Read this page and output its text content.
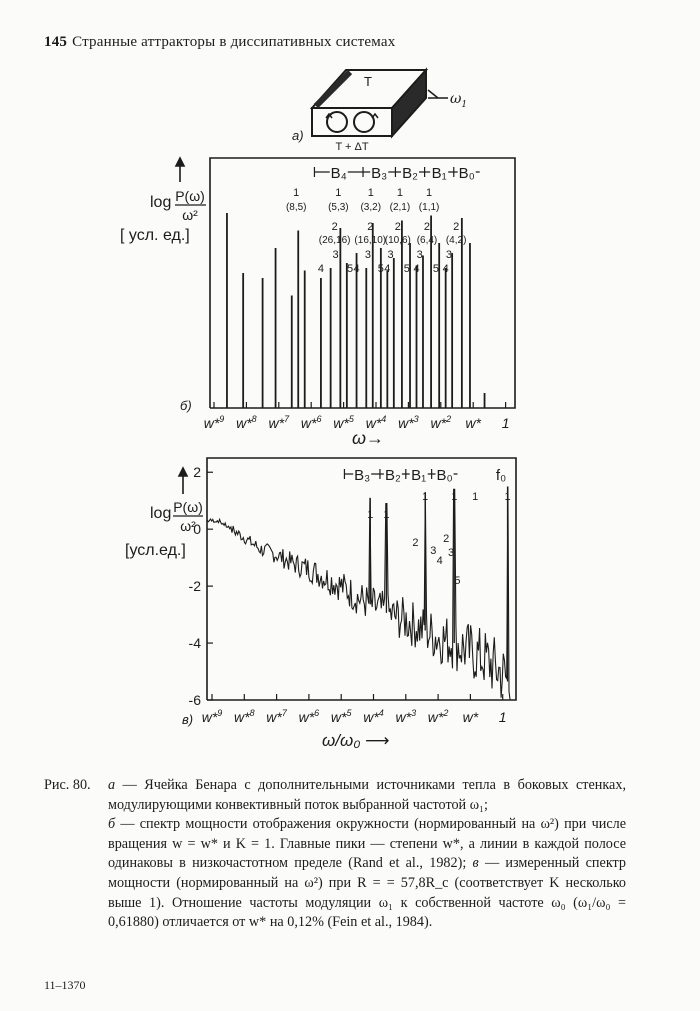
145 Странные аттракторы в диссипативных системах
T
T + ΔT
$\omega_1$
а)
w*$^9$ w*$^8$ w*$^7$ w*$^6$ w*$^5$ w*$^4$ w*$^3$ w*$^2$ w* 1
B₄ B₃ B₂ B₁ B₀
1
(8,5)
1
(5,3)
1
(3,2)
1
(2,1)
1
(1,1)
2
(26,16)
2
(16,10)
2
(10,6)
2
(6,4)
2
(4,2)
3
4 5
3
4 5
3
4 5
3
4 5
3
4
log P(ω)
ω²
[ усл. ед.]
б)
ω→
2
0
-2
-4
-6
w*$^9$ w*$^8$ w*$^7$ w*$^6$ w*$^5$ w*$^4$ w*$^3$ w*$^2$ w* 1
B₃ B₂ B₁ B₀	f₀
1 1
1 1 1 1
2
3
2
3
4
5
log P(ω)
ω²
[усл.ед.]
в)
ω/ω₀ ⟶
Рис. 80. а — Ячейка Бенара с дополнительными источниками тепла в боковых стенках, модулирующими конвективный поток выбранной частотой ω₁;

б — спектр мощности отображения окружности (нормированный на ω²) при числе вращения w = w* и K = 1. Главные пики — степени w*, а линии в каждой полосе одинаковы в низкочастотном пределе (Rand et al., 1982); в — измеренный спектр мощности (нормированный на ω²) при R = = 57,8R_c (соответствует K несколько выше 1). Отношение частоты модуляции ω₁ к собственной частоте ω₀ (ω₁/ω₀ = 0,61880) отличается от w* на 0,12% (Fein et al., 1984).

11–1370
